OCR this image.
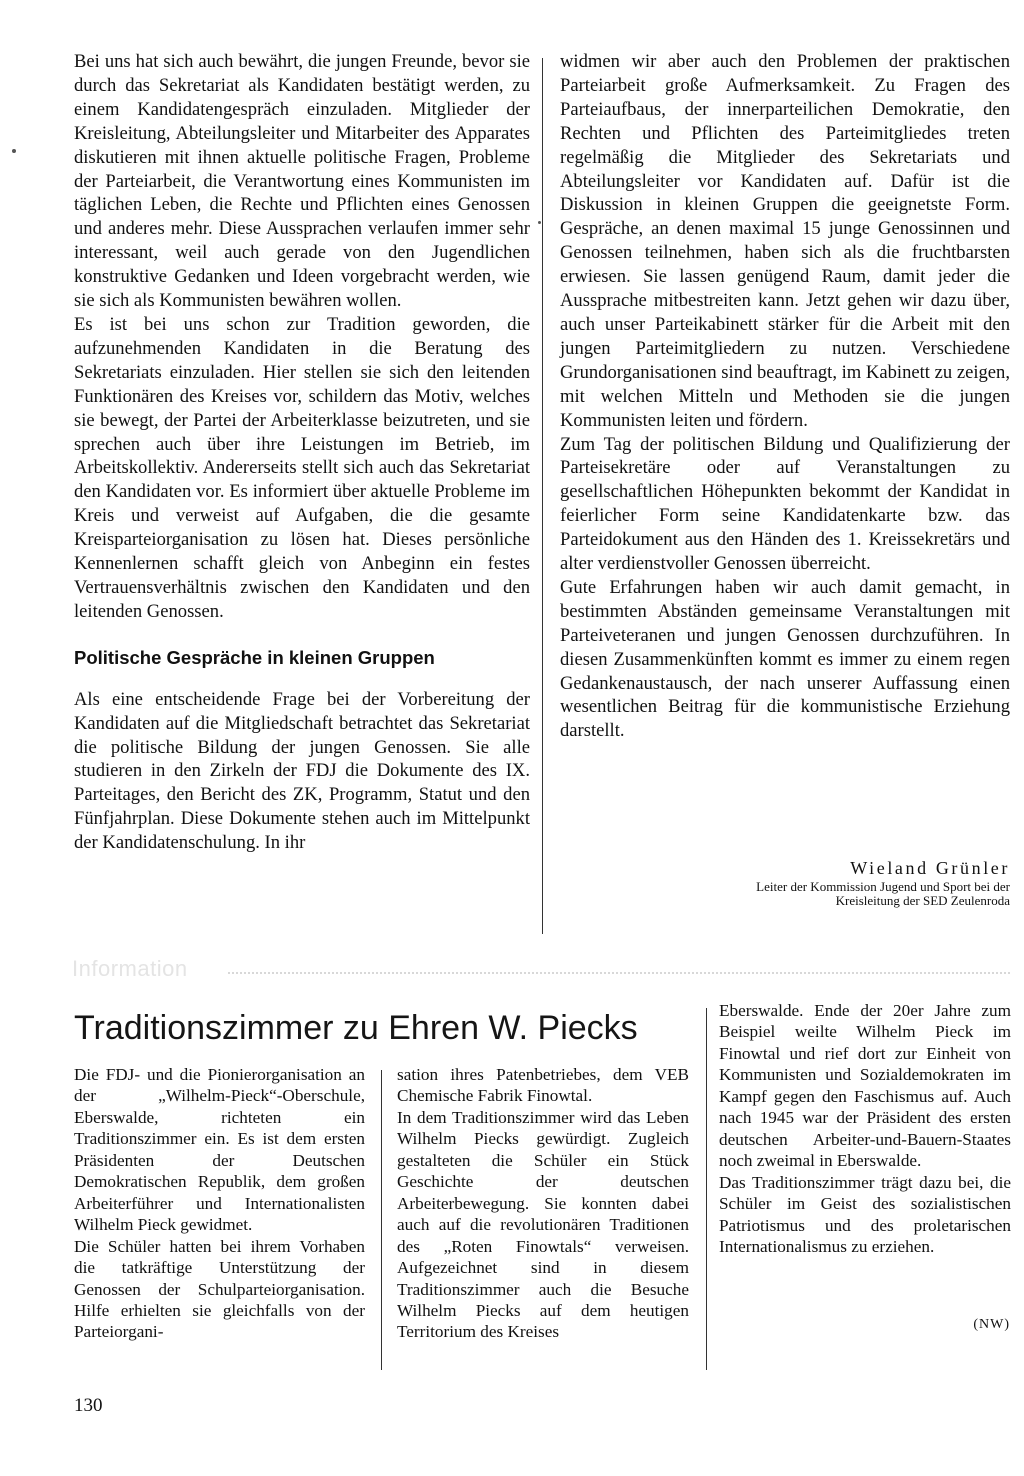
Bei uns hat sich auch bewährt, die jungen Freunde, bevor sie durch das Sekretariat als Kandidaten bestätigt werden, zu einem Kandidatengespräch einzuladen. Mitglieder der Kreisleitung, Abteilungsleiter und Mitarbeiter des Apparates diskutieren mit ihnen aktuelle politische Fragen, Probleme der Parteiarbeit, die Verantwortung eines Kommunisten im täglichen Leben, die Rechte und Pflichten eines Genossen und anderes mehr. Diese Aussprachen verlaufen immer sehr interessant, weil auch gerade von den Jugendlichen konstruktive Gedanken und Ideen vorgebracht werden, wie sie sich als Kommunisten bewähren wollen.

Es ist bei uns schon zur Tradition geworden, die aufzunehmenden Kandidaten in die Beratung des Sekretariats einzuladen. Hier stellen sie sich den leitenden Funktionären des Kreises vor, schildern das Motiv, welches sie bewegt, der Partei der Arbeiterklasse beizutreten, und sie sprechen auch über ihre Leistungen im Betrieb, im Arbeitskollektiv. Andererseits stellt sich auch das Sekretariat den Kandidaten vor. Es informiert über aktuelle Probleme im Kreis und verweist auf Aufgaben, die die gesamte Kreisparteiorganisation zu lösen hat. Dieses persönliche Kennenlernen schafft gleich von Anbeginn ein festes Vertrauensverhältnis zwischen den Kandidaten und den leitenden Genossen.

Politische Gespräche in kleinen Gruppen

Als eine entscheidende Frage bei der Vorbereitung der Kandidaten auf die Mitgliedschaft betrachtet das Sekretariat die politische Bildung der jungen Genossen. Sie alle studieren in den Zirkeln der FDJ die Dokumente des IX. Parteitages, den Bericht des ZK, Programm, Statut und den Fünfjahrplan. Diese Dokumente stehen auch im Mittelpunkt der Kandidatenschulung. In ihr

widmen wir aber auch den Problemen der praktischen Parteiarbeit große Aufmerksamkeit. Zu Fragen des Parteiaufbaus, der innerparteilichen Demokratie, den Rechten und Pflichten des Parteimitgliedes treten regelmäßig die Mitglieder des Sekretariats und Abteilungsleiter vor Kandidaten auf. Dafür ist die Diskussion in kleinen Gruppen die geeignetste Form. Gespräche, an denen maximal 15 junge Genossinnen und Genossen teilnehmen, haben sich als die fruchtbarsten erwiesen. Sie lassen genügend Raum, damit jeder die Aussprache mitbestreiten kann. Jetzt gehen wir dazu über, auch unser Parteikabinett stärker für die Arbeit mit den jungen Parteimitgliedern zu nutzen. Verschiedene Grundorganisationen sind beauftragt, im Kabinett zu zeigen, mit welchen Mitteln und Methoden sie die jungen Kommunisten leiten und fördern.

Zum Tag der politischen Bildung und Qualifizierung der Parteisekretäre oder auf Veranstaltungen zu gesellschaftlichen Höhepunkten bekommt der Kandidat in feierlicher Form seine Kandidatenkarte bzw. das Parteidokument aus den Händen des 1. Kreissekretärs und alter verdienstvoller Genossen überreicht.

Gute Erfahrungen haben wir auch damit gemacht, in bestimmten Abständen gemeinsame Veranstaltungen mit Parteiveteranen und jungen Genossen durchzuführen. In diesen Zusammenkünften kommt es immer zu einem regen Gedankenaustausch, der nach unserer Auffassung einen wesentlichen Beitrag für die kommunistische Erziehung darstellt.

Wieland Grünler
Leiter der Kommission Jugend und Sport bei der Kreisleitung der SED Zeulenroda
Information
Traditionszimmer zu Ehren W. Piecks

Die FDJ- und die Pionierorganisation an der „Wilhelm-Pieck“-Oberschule, Eberswalde, richteten ein Traditionszimmer ein. Es ist dem ersten Präsidenten der Deutschen Demokratischen Republik, dem großen Arbeiterführer und Internationalisten Wilhelm Pieck gewidmet.

Die Schüler hatten bei ihrem Vorhaben die tatkräftige Unterstützung der Genossen der Schulparteiorganisation. Hilfe erhielten sie gleichfalls von der Parteiorgani-

sation ihres Patenbetriebes, dem VEB Chemische Fabrik Finowtal.

In dem Traditionszimmer wird das Leben Wilhelm Piecks gewürdigt. Zugleich gestalteten die Schüler ein Stück Geschichte der deutschen Arbeiterbewegung. Sie konnten dabei auch auf die revolutionären Traditionen des „Roten Finowtals“ verweisen. Aufgezeichnet sind in diesem Traditionszimmer auch die Besuche Wilhelm Piecks auf dem heutigen Territorium des Kreises

Eberswalde. Ende der 20er Jahre zum Beispiel weilte Wilhelm Pieck im Finowtal und rief dort zur Einheit von Kommunisten und Sozialdemokraten im Kampf gegen den Faschismus auf. Auch nach 1945 war der Präsident des ersten deutschen Arbeiter-und-Bauern-Staates noch zweimal in Eberswalde.

Das Traditionszimmer trägt dazu bei, die Schüler im Geist des sozialistischen Patriotismus und des proletarischen Internationalismus zu erziehen.

(NW)
130
